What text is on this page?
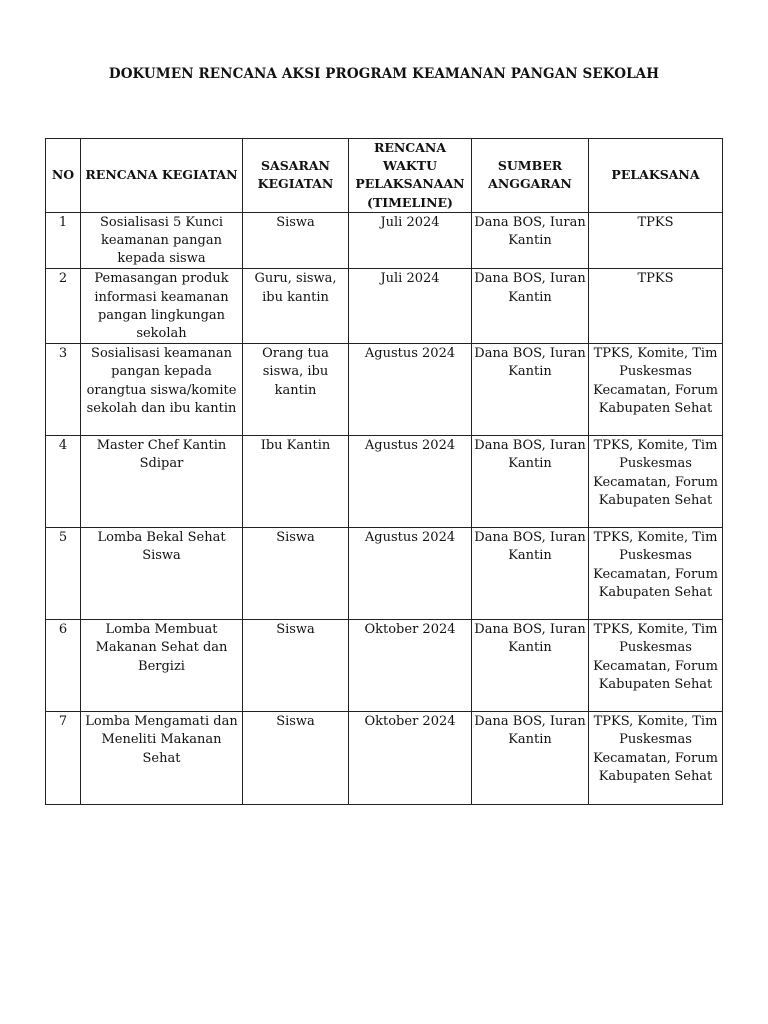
DOKUMEN RENCANA AKSI PROGRAM KEAMANAN PANGAN SEKOLAH
NO	RENCANA KEGIATAN	SASARAN KEGIATAN	RENCANA WAKTU PELAKSANAAN (TIMELINE)	SUMBER ANGGARAN	PELAKSANA
1	Sosialisasi 5 Kunci keamanan pangan kepada siswa	Siswa	Juli 2024	Dana BOS, Iuran Kantin	TPKS
2	Pemasangan produk informasi keamanan pangan lingkungan sekolah	Guru, siswa, ibu kantin	Juli 2024	Dana BOS, Iuran Kantin	TPKS
3	Sosialisasi keamanan pangan kepada orangtua siswa/komite sekolah dan ibu kantin	Orang tua siswa, ibu kantin	Agustus 2024	Dana BOS, Iuran Kantin	TPKS, Komite, Tim Puskesmas Kecamatan, Forum Kabupaten Sehat
4	Master Chef Kantin Sdipar	Ibu Kantin	Agustus 2024	Dana BOS, Iuran Kantin	TPKS, Komite, Tim Puskesmas Kecamatan, Forum Kabupaten Sehat
5	Lomba Bekal Sehat Siswa	Siswa	Agustus 2024	Dana BOS, Iuran Kantin	TPKS, Komite, Tim Puskesmas Kecamatan, Forum Kabupaten Sehat
6	Lomba Membuat Makanan Sehat dan Bergizi	Siswa	Oktober 2024	Dana BOS, Iuran Kantin	TPKS, Komite, Tim Puskesmas Kecamatan, Forum Kabupaten Sehat
7	Lomba Mengamati dan Meneliti Makanan Sehat	Siswa	Oktober 2024	Dana BOS, Iuran Kantin	TPKS, Komite, Tim Puskesmas Kecamatan, Forum Kabupaten Sehat
